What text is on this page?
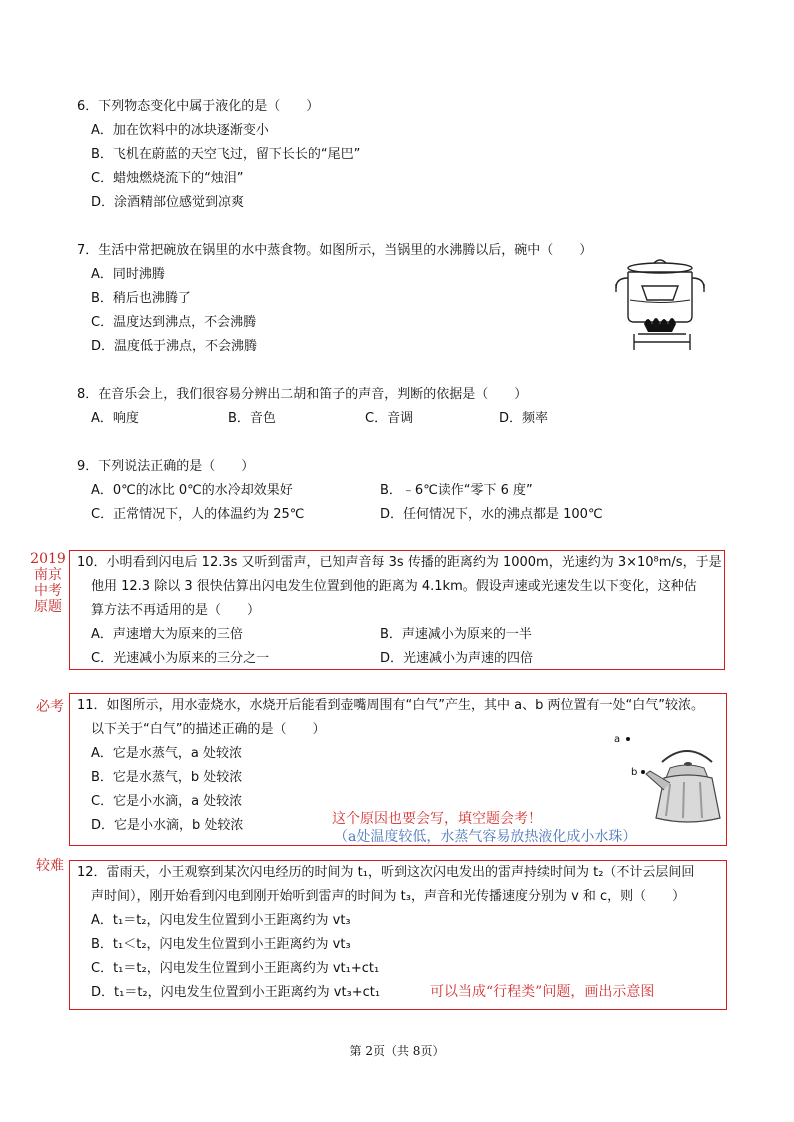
6．下列物态变化中属于液化的是（　　）
A．加在饮料中的冰块逐渐变小
B．飞机在蔚蓝的天空飞过，留下长长的“尾巴”
C．蜡烛燃烧流下的“烛泪”
D．涂酒精部位感觉到凉爽
7．生活中常把碗放在锅里的水中蒸食物。如图所示，当锅里的水沸腾以后，碗中（　　）
A．同时沸腾
B．稍后也沸腾了
C．温度达到沸点，不会沸腾
D．温度低于沸点，不会沸腾
8．在音乐会上，我们很容易分辨出二胡和笛子的声音，判断的依据是（　　）
A．响度	B．音色	C．音调	D．频率
9．下列说法正确的是（　　）
A．0℃的冰比 0℃的水冷却效果好	B．﹣6℃读作“零下 6 度”
C．正常情况下，人的体温约为 25℃	D．任何情况下，水的沸点都是 100℃
2019
南京
中考
原题
10．小明看到闪电后 12.3s 又听到雷声，已知声音每 3s 传播的距离约为 1000m，光速约为 3×10⁸m/s，于是
他用 12.3 除以 3 很快估算出闪电发生位置到他的距离为 4.1km。假设声速或光速发生以下变化，这种估
算方法不再适用的是（　　）
A．声速增大为原来的三倍	B．声速减小为原来的一半
C．光速减小为原来的三分之一	D．光速减小为声速的四倍
必考	11．如图所示，用水壶烧水，水烧开后能看到壶嘴周围有“白气”产生，其中 a、b 两位置有一处“白气”较浓。
以下关于“白气”的描述正确的是（　　）
A．它是水蒸气，a 处较浓
B．它是水蒸气，b 处较浓
C．它是小水滴，a 处较浓
D．它是小水滴，b 处较浓
a
b
这个原因也要会写，填空题会考！
（a处温度较低，水蒸气容易放热液化成小水珠）
较难	12．雷雨天，小王观察到某次闪电经历的时间为 t₁，听到这次闪电发出的雷声持续时间为 t₂（不计云层间回
声时间），刚开始看到闪电到刚开始听到雷声的时间为 t₃，声音和光传播速度分别为 v 和 c，则（　　）
A．t₁＝t₂，闪电发生位置到小王距离约为 vt₃
B．t₁＜t₂，闪电发生位置到小王距离约为 vt₃
C．t₁＝t₂，闪电发生位置到小王距离约为 vt₁+ct₁
D．t₁＝t₂，闪电发生位置到小王距离约为 vt₃+ct₁	可以当成“行程类”问题，画出示意图
第 2页（共 8页）
